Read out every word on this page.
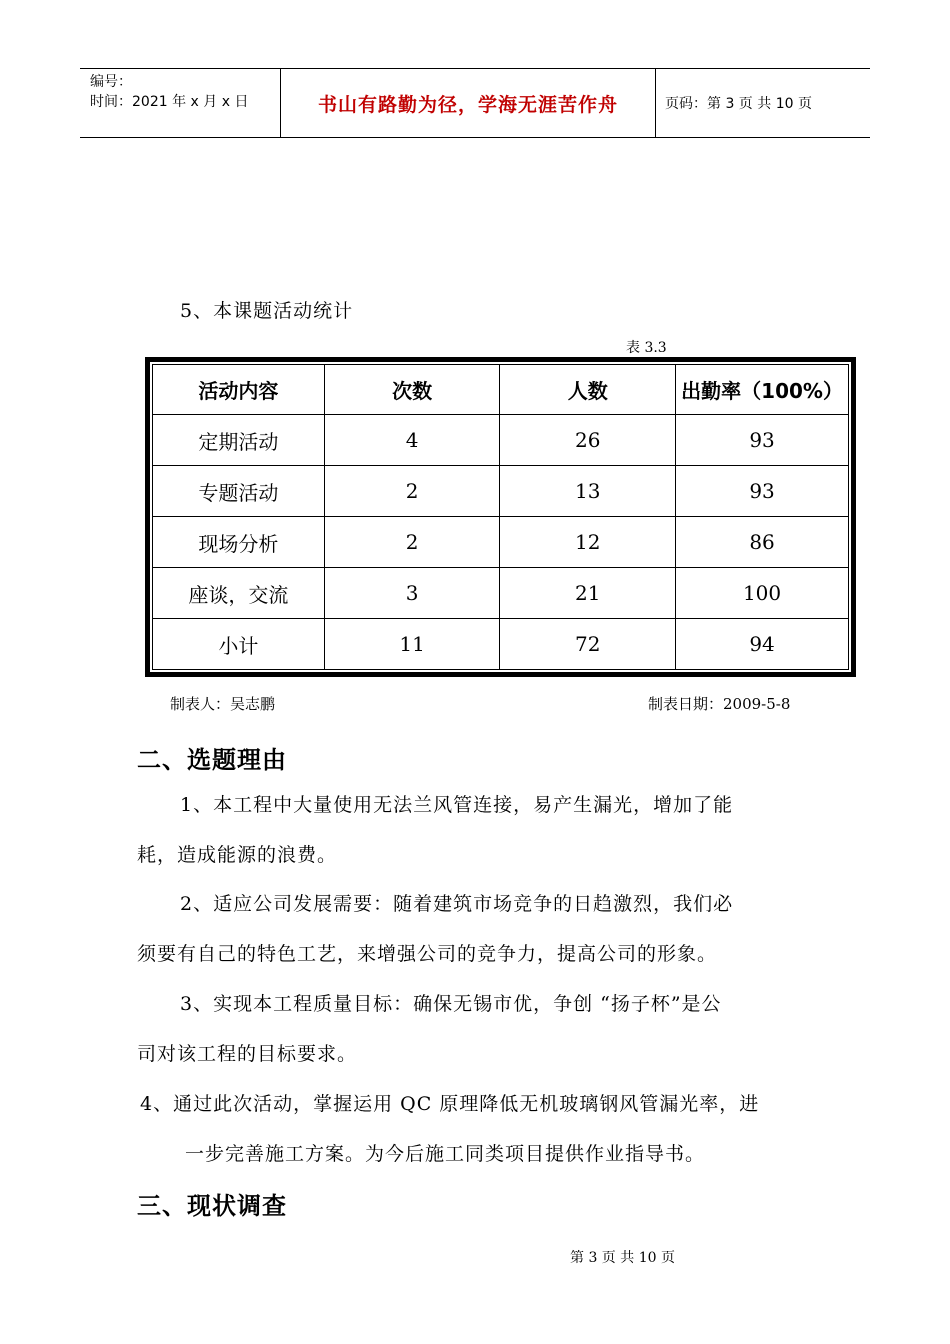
编号：
时间：2021 年 x 月 x 日	书山有路勤为径，学海无涯苦作舟	页码：第 3 页 共 10 页
5、本课题活动统计
表 3.3
活动内容	次数	人数	出勤率（100%）
定期活动	4	26	93
专题活动	2	13	93
现场分析	2	12	86
座谈，交流	3	21	100
小计	11	72	94
制表人：吴志鹏	制表日期：2009-5-8
二、选题理由
1、本工程中大量使用无法兰风管连接，易产生漏光，增加了能
耗，造成能源的浪费。
2、适应公司发展需要：随着建筑市场竞争的日趋激烈，我们必
须要有自己的特色工艺，来增强公司的竞争力，提高公司的形象。
3、实现本工程质量目标：确保无锡市优，争创 “扬子杯”是公
司对该工程的目标要求。
4、通过此次活动，掌握运用 QC 原理降低无机玻璃钢风管漏光率，进
一步完善施工方案。为今后施工同类项目提供作业指导书。
三、现状调查
第 3 页 共 10 页
